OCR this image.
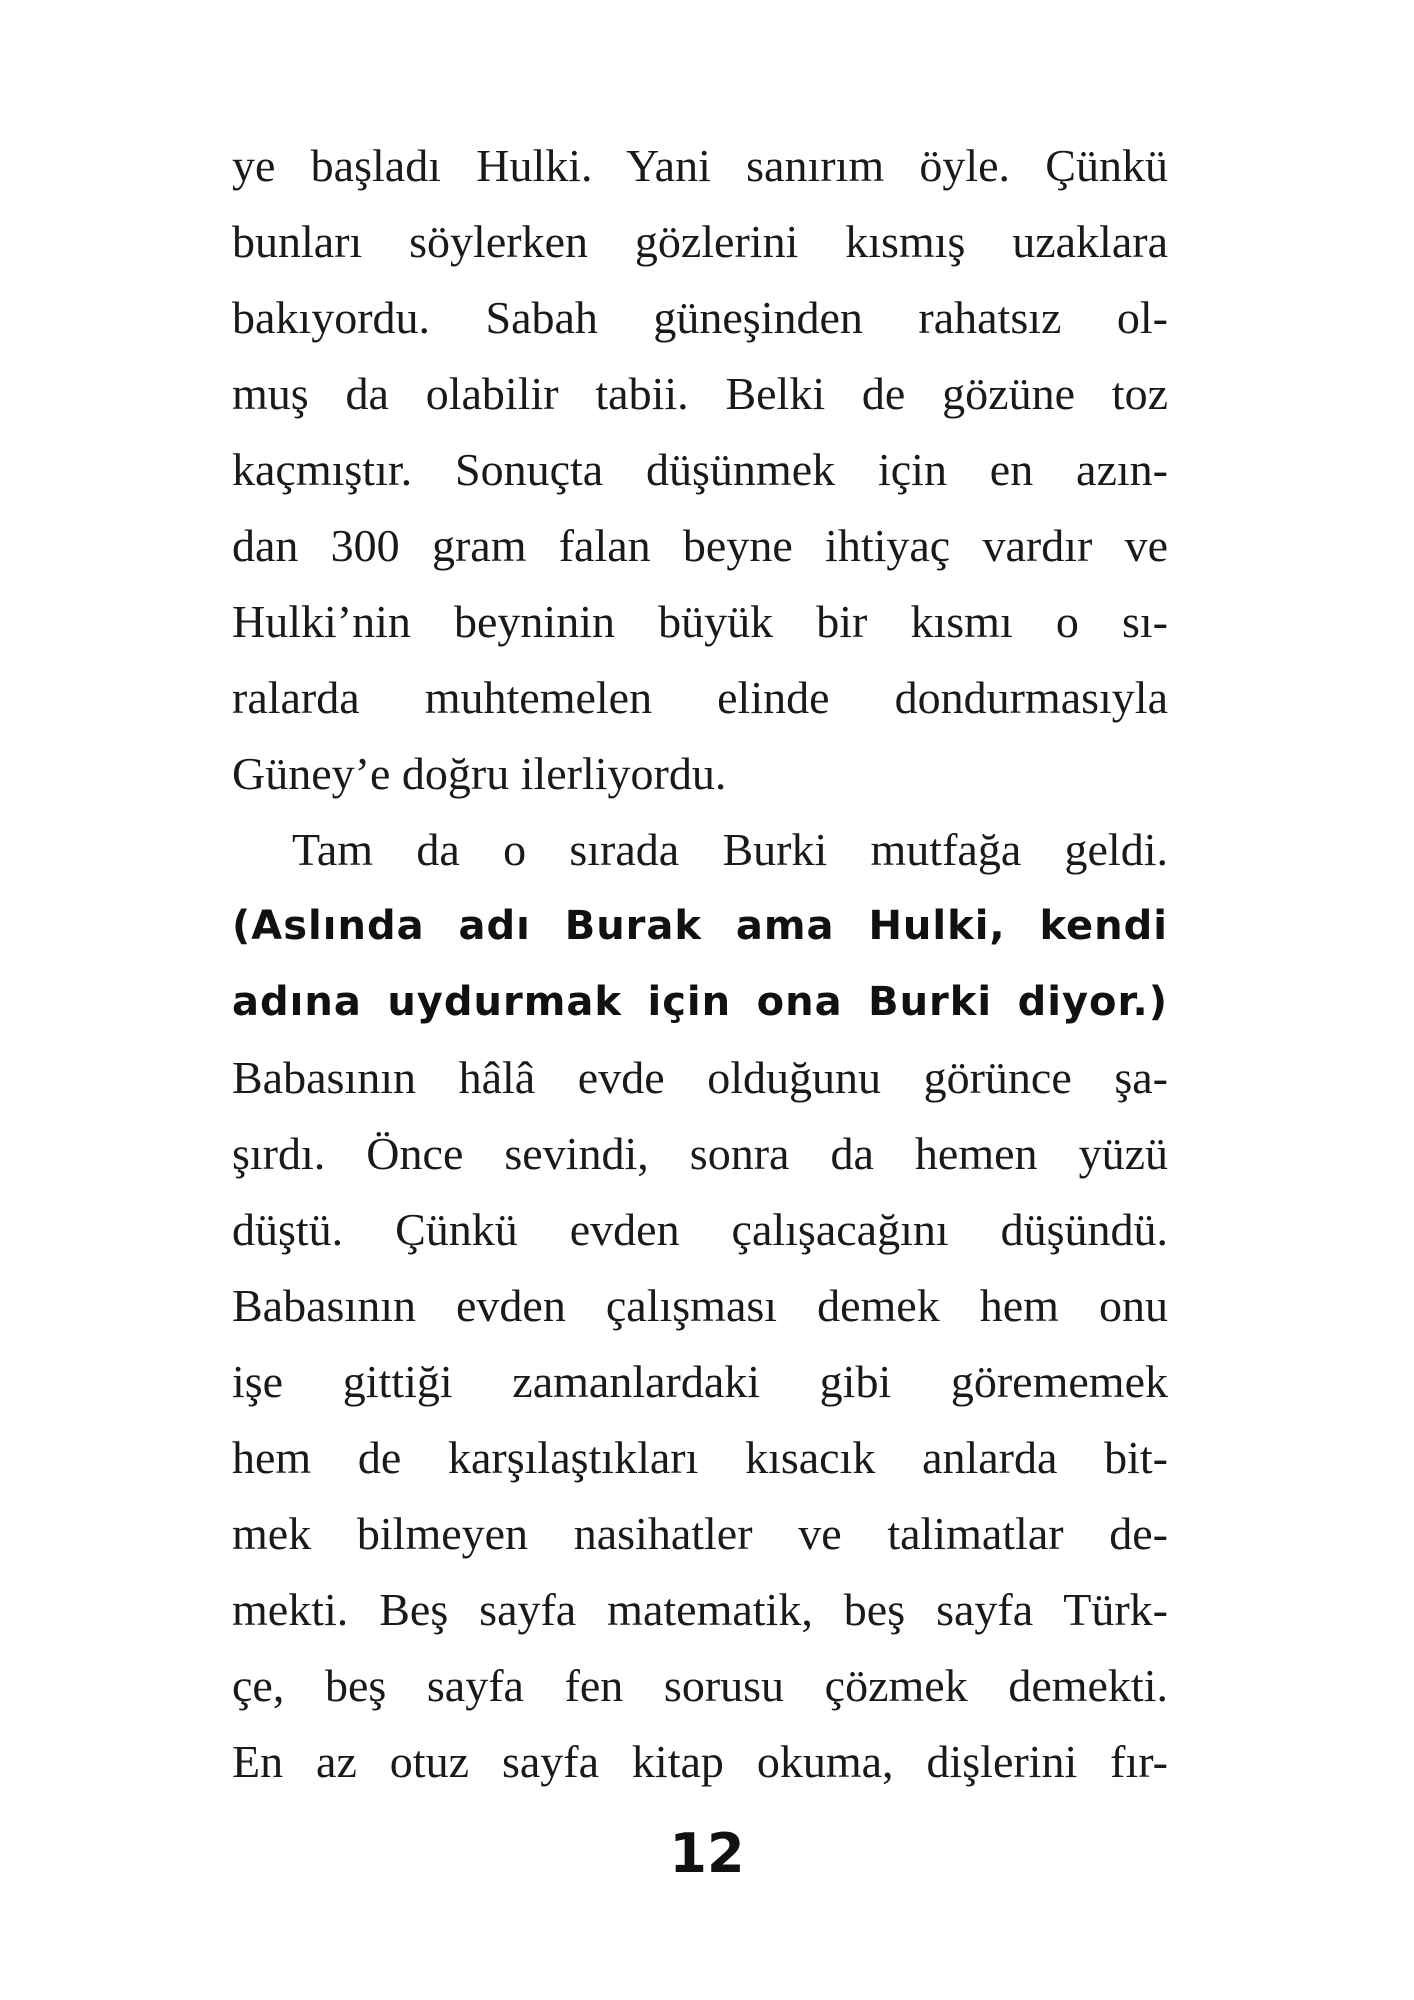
ye başladı Hulki. Yani sanırım öyle. Çünkü
bunları söylerken gözlerini kısmış uzaklara
bakıyordu. Sabah güneşinden rahatsız ol-
muş da olabilir tabii. Belki de gözüne toz
kaçmıştır. Sonuçta düşünmek için en azın-
dan 300 gram falan beyne ihtiyaç vardır ve
Hulki’nin beyninin büyük bir kısmı o sı-
ralarda muhtemelen elinde dondurmasıyla
Güney’e doğru ilerliyordu.
Tam da o sırada Burki mutfağa geldi.
(Aslında adı Burak ama Hulki, kendi
adına uydurmak için ona Burki diyor.)
Babasının hâlâ evde olduğunu görünce şa-
şırdı. Önce sevindi, sonra da hemen yüzü
düştü. Çünkü evden çalışacağını düşündü.
Babasının evden çalışması demek hem onu
işe gittiği zamanlardaki gibi görememek
hem de karşılaştıkları kısacık anlarda bit-
mek bilmeyen nasihatler ve talimatlar de-
mekti. Beş sayfa matematik, beş sayfa Türk-
çe, beş sayfa fen sorusu çözmek demekti.
En az otuz sayfa kitap okuma, dişlerini fır-
12
